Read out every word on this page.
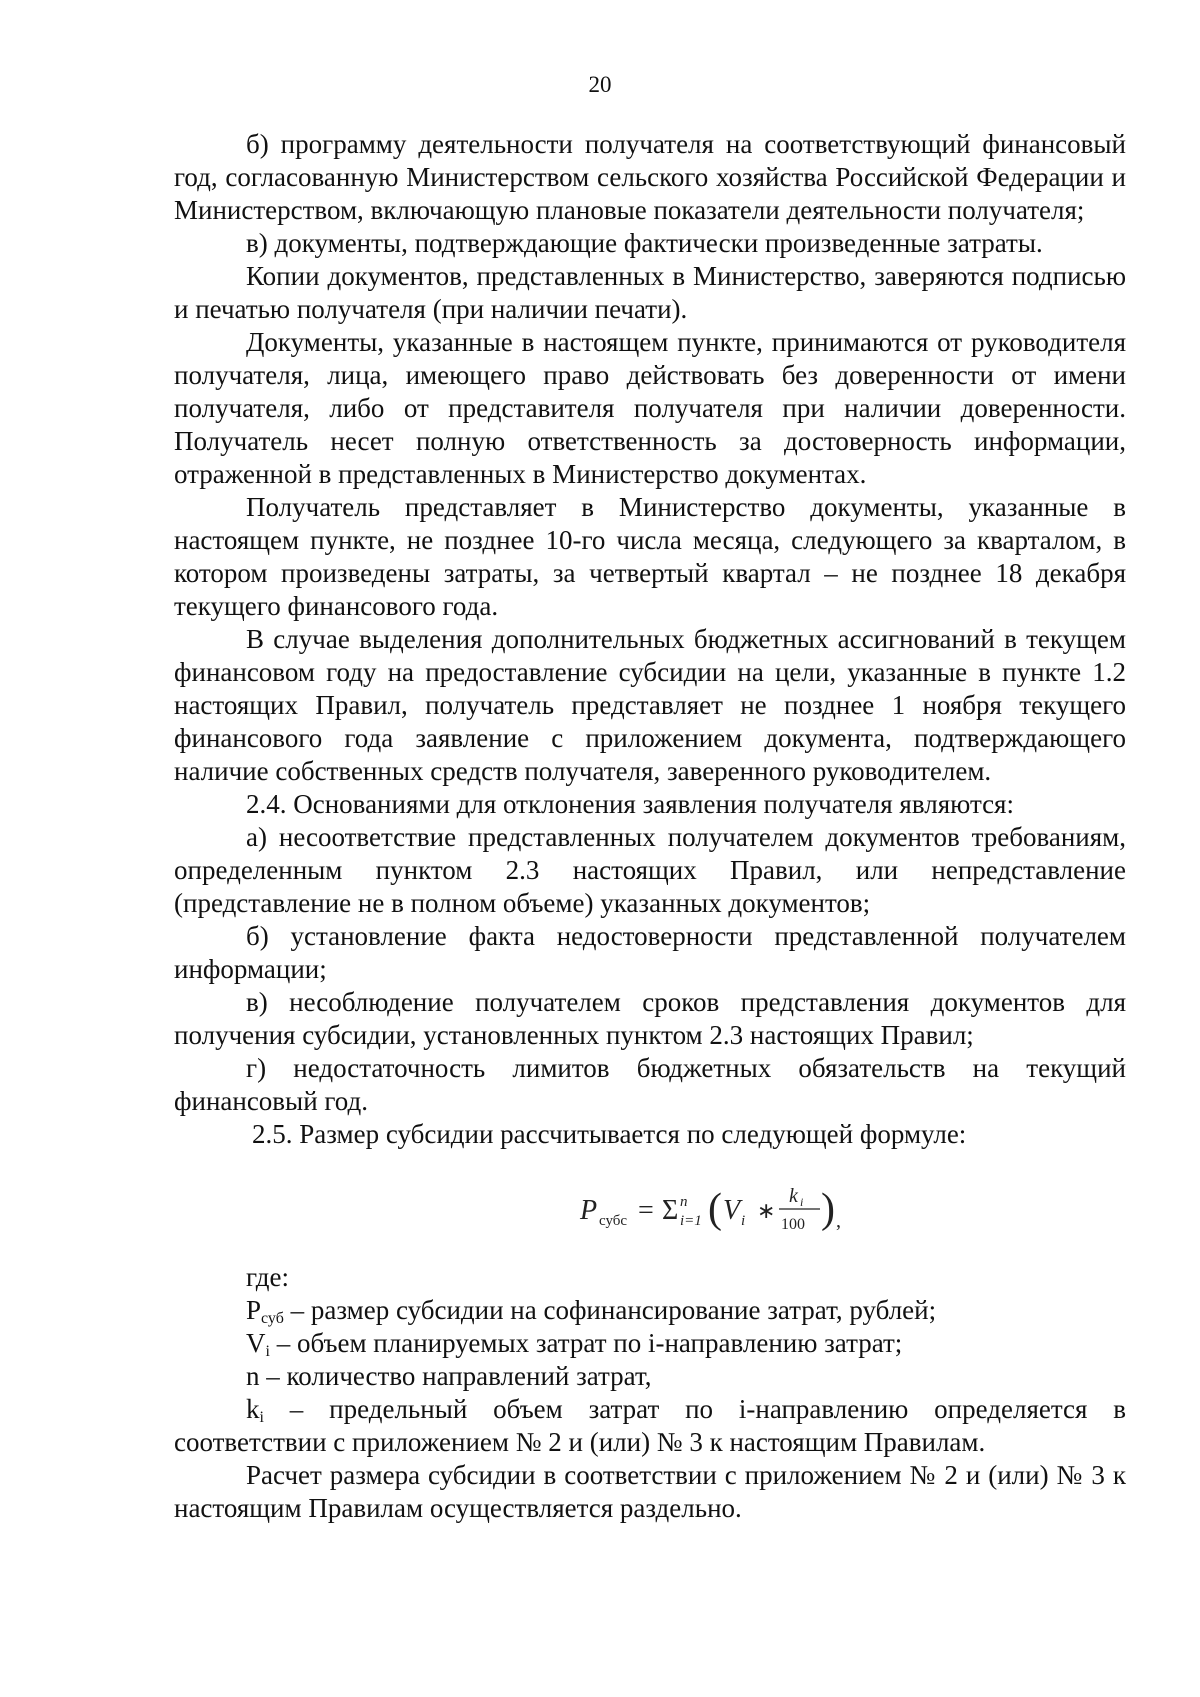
20

б) программу деятельности получателя на соответствующий финансовый год, согласованную Министерством сельского хозяйства Российской Федерации и Министерством, включающую плановые показатели деятельности получателя;

в) документы, подтверждающие фактически произведенные затраты.

Копии документов, представленных в Министерство, заверяются подписью и печатью получателя (при наличии печати).

Документы, указанные в настоящем пункте, принимаются от руководителя получателя, лица, имеющего право действовать без доверенности от имени получателя, либо от представителя получателя при наличии доверенности. Получатель несет полную ответственность за достоверность информации, отраженной в представленных в Министерство документах.

Получатель представляет в Министерство документы, указанные в настоящем пункте, не позднее 10-го числа месяца, следующего за кварталом, в котором произведены затраты, за четвертый квартал – не позднее 18 декабря текущего финансового года.

В случае выделения дополнительных бюджетных ассигнований в текущем финансовом году на предоставление субсидии на цели, указанные в пункте 1.2 настоящих Правил, получатель представляет не позднее 1 ноября текущего финансового года заявление с приложением документа, подтверждающего наличие собственных средств получателя, заверенного руководителем.

2.4. Основаниями для отклонения заявления получателя являются:

а) несоответствие представленных получателем документов требованиям, определенным пунктом 2.3 настоящих Правил, или непредставление (представление не в полном объеме) указанных документов;

б) установление факта недостоверности представленной получателем информации;

в) несоблюдение получателем сроков представления документов для получения субсидии, установленных пунктом 2.3 настоящих Правил;

г) недостаточность лимитов бюджетных обязательств на текущий финансовый год.

2.5. Размер субсидии рассчитывается по следующей формуле:

P субс = Σ n
i=1 ( V i ∗
k i
100 ) ,

где:

$Р_{суб}$ – размер субсидии на софинансирование затрат, рублей;

$V_i$ – объем планируемых затрат по i-направлению затрат;

n – количество направлений затрат,

$k_i$ – предельный объем затрат по i-направлению определяется в соответствии с приложением № 2 и (или) № 3 к настоящим Правилам.

Расчет размера субсидии в соответствии с приложением № 2 и (или) № 3 к настоящим Правилам осуществляется раздельно.
